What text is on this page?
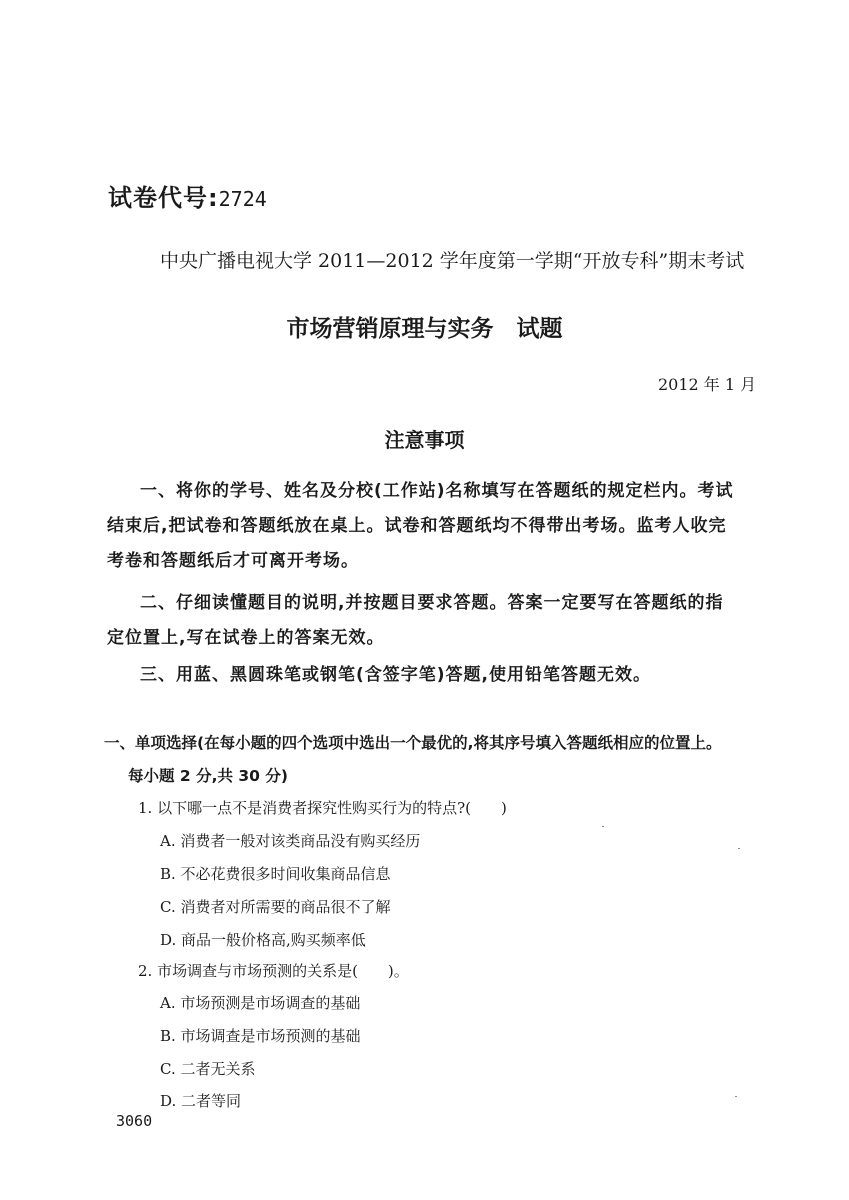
试卷代号:2724
中央广播电视大学 2011—2012 学年度第一学期“开放专科”期末考试
市场营销原理与实务　试题
2012 年 1 月
注意事项
一、将你的学号、姓名及分校(工作站)名称填写在答题纸的规定栏内。考试
结束后,把试卷和答题纸放在桌上。试卷和答题纸均不得带出考场。监考人收完
考卷和答题纸后才可离开考场。
二、仔细读懂题目的说明,并按题目要求答题。答案一定要写在答题纸的指
定位置上,写在试卷上的答案无效。
三、用蓝、黑圆珠笔或钢笔(含签字笔)答题,使用铅笔答题无效。
一、单项选择(在每小题的四个选项中选出一个最优的,将其序号填入答题纸相应的位置上。
每小题 2 分,共 30 分)
1. 以下哪一点不是消费者探究性购买行为的特点?(　　)
A. 消费者一般对该类商品没有购买经历
B. 不必花费很多时间收集商品信息
C. 消费者对所需要的商品很不了解
D. 商品一般价格高,购买频率低
2. 市场调查与市场预测的关系是(　　)。
A. 市场预测是市场调查的基础
B. 市场调查是市场预测的基础
C. 二者无关系
D. 二者等同
3060
